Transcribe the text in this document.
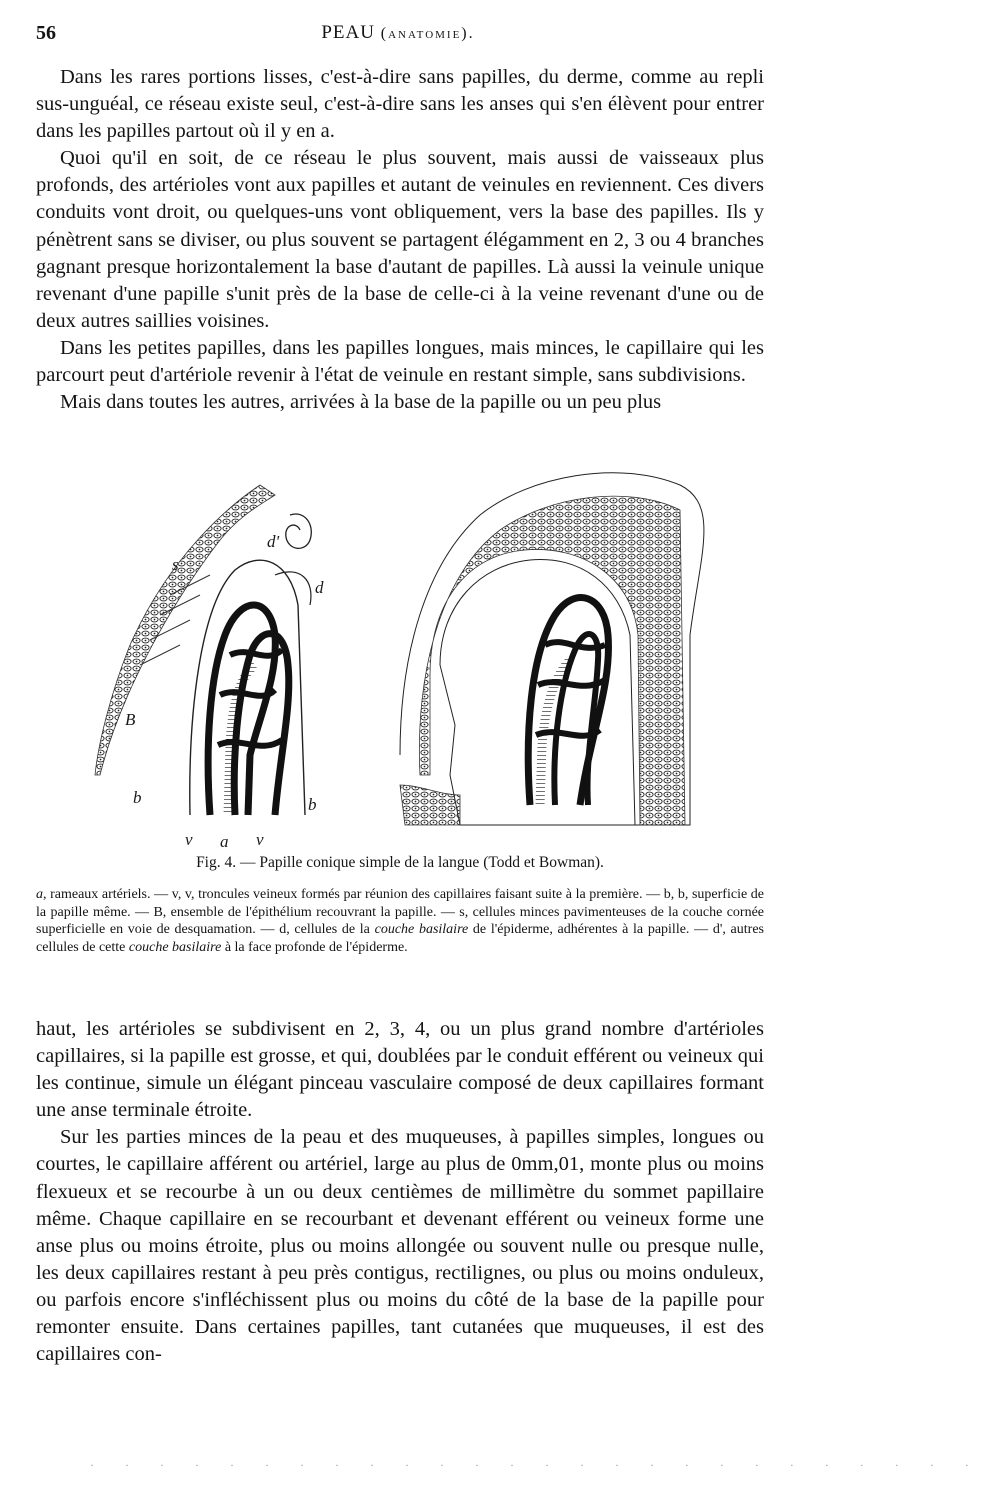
56	PEAU (anatomie).

Dans les rares portions lisses, c'est-à-dire sans papilles, du derme, comme au repli sus-unguéal, ce réseau existe seul, c'est-à-dire sans les anses qui s'en élèvent pour entrer dans les papilles partout où il y en a.

Quoi qu'il en soit, de ce réseau le plus souvent, mais aussi de vaisseaux plus profonds, des artérioles vont aux papilles et autant de veinules en reviennent. Ces divers conduits vont droit, ou quelques-uns vont obliquement, vers la base des papilles. Ils y pénètrent sans se diviser, ou plus souvent se partagent élégamment en 2, 3 ou 4 branches gagnant presque horizontalement la base d'autant de papilles. Là aussi la veinule unique revenant d'une papille s'unit près de la base de celle-ci à la veine revenant d'une ou de deux autres saillies voisines.

Dans les petites papilles, dans les papilles longues, mais minces, le capillaire qui les parcourt peut d'artériole revenir à l'état de veinule en restant simple, sans subdivisions.

Mais dans toutes les autres, arrivées à la base de la papille ou un peu plus

s
d'
d
B
b	b
v a v
Fig. 4. — Papille conique simple de la langue (Todd et Bowman).
a, rameaux artériels. — v, v, troncules veineux formés par réunion des capillaires faisant suite à la première. — b, b, superficie de la papille même. — B, ensemble de l'épithélium recouvrant la papille. — s, cellules minces pavimenteuses de la couche cornée superficielle en voie de desquamation. — d, cellules de la couche basilaire de l'épiderme, adhérentes à la papille. — d', autres cellules de cette couche basilaire à la face profonde de l'épiderme.

haut, les artérioles se subdivisent en 2, 3, 4, ou un plus grand nombre d'artérioles capillaires, si la papille est grosse, et qui, doublées par le conduit efférent ou veineux qui les continue, simule un élégant pinceau vasculaire composé de deux capillaires formant une anse terminale étroite.

Sur les parties minces de la peau et des muqueuses, à papilles simples, longues ou courtes, le capillaire afférent ou artériel, large au plus de 0mm,01, monte plus ou moins flexueux et se recourbe à un ou deux centièmes de millimètre du sommet papillaire même. Chaque capillaire en se recourbant et devenant efférent ou veineux forme une anse plus ou moins étroite, plus ou moins allongée ou souvent nulle ou presque nulle, les deux capillaires restant à peu près contigus, rectilignes, ou plus ou moins onduleux, ou parfois encore s'infléchissent plus ou moins du côté de la base de la papille pour remonter ensuite. Dans certaines papilles, tant cutanées que muqueuses, il est des capillaires con-

· · · · · · · · · · · · · · · · · · · · · · · · · ·
